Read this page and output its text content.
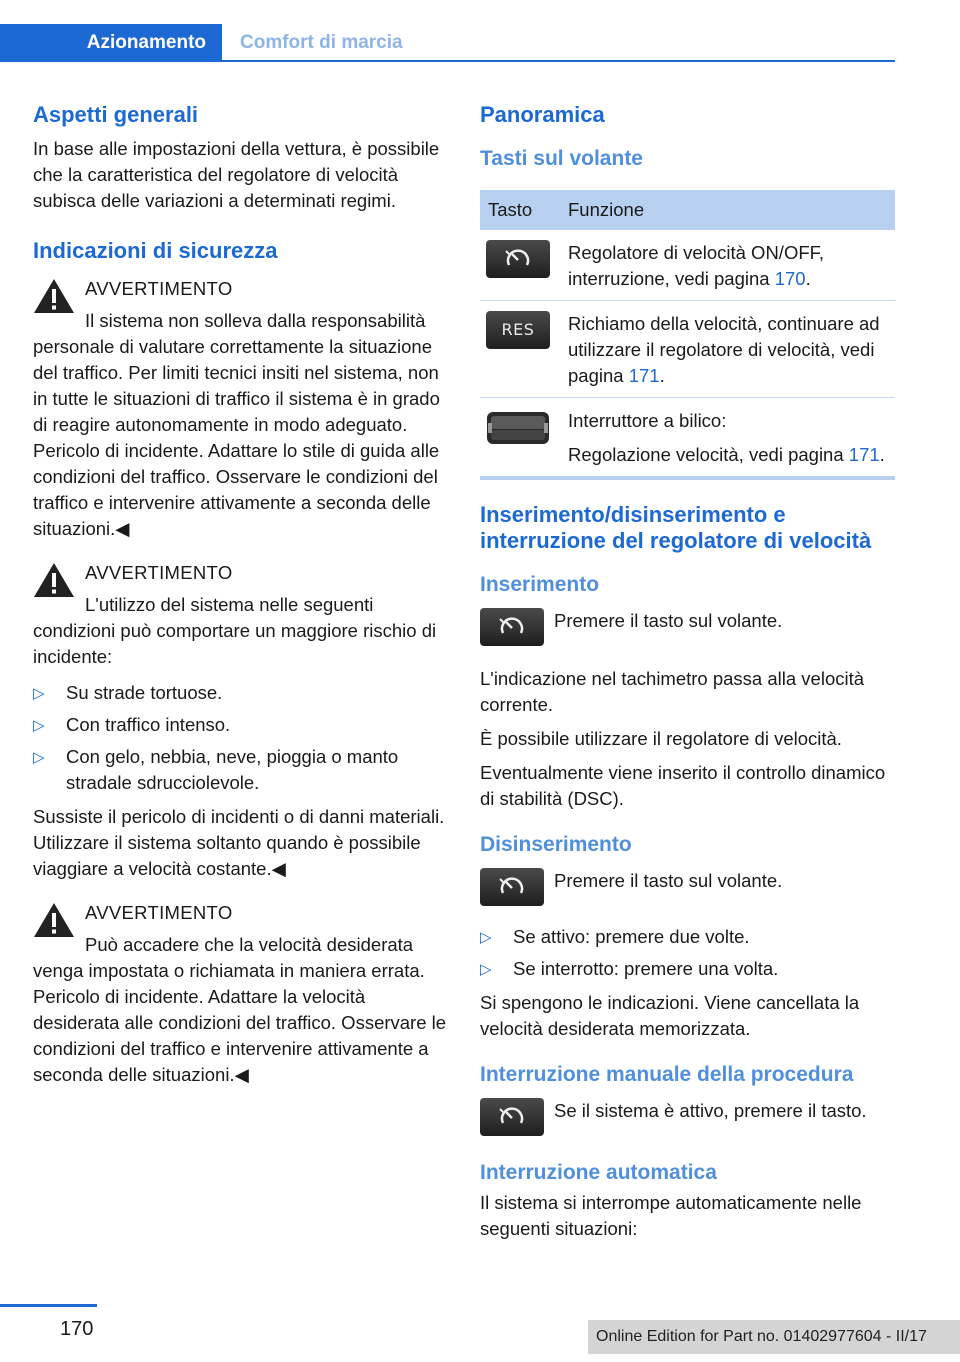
Azionamento	Comfort di marcia
Aspetti generali
In base alle impostazioni della vettura, è possibile che la caratteristica del regolatore di velocità subisca delle variazioni a determinati regimi.
Indicazioni di sicurezza
AVVERTIMENTO
Il sistema non solleva dalla responsabilità personale di valutare correttamente la situazione del traffico. Per limiti tecnici insiti nel sistema, non in tutte le situazioni di traffico il sistema è in grado di reagire autonomamente in modo adeguato. Pericolo di incidente. Adattare lo stile di guida alle condizioni del traffico. Osservare le condizioni del traffico e intervenire attivamente a seconda delle situazioni.◀
AVVERTIMENTO
L'utilizzo del sistema nelle seguenti condizioni può comportare un maggiore rischio di incidente:
▷ Su strade tortuose.
▷ Con traffico intenso.
▷ Con gelo, nebbia, neve, pioggia o manto stradale sdrucciolevole.
Sussiste il pericolo di incidenti o di danni materiali. Utilizzare il sistema soltanto quando è possibile viaggiare a velocità costante.◀
AVVERTIMENTO
Può accadere che la velocità desiderata venga impostata o richiamata in maniera errata. Pericolo di incidente. Adattare la velocità desiderata alle condizioni del traffico. Osservare le condizioni del traffico e intervenire attivamente a seconda delle situazioni.◀
Panoramica
Tasti sul volante
Tasto	Funzione

	Regolatore di velocità ON/OFF, interruzione, vedi pagina 170.

RES	Richiamo della velocità, continuare ad utilizzare il regolatore di velocità, vedi pagina 171.

Interruttore a bilico:
Regolazione velocità, vedi pagina 171.
Inserimento/disinserimento e interruzione del regolatore di velocità
Inserimento
Premere il tasto sul volante.
L'indicazione nel tachimetro passa alla velocità corrente.
È possibile utilizzare il regolatore di velocità.
Eventualmente viene inserito il controllo dinamico di stabilità (DSC).
Disinserimento
Premere il tasto sul volante.
▷ Se attivo: premere due volte.
▷ Se interrotto: premere una volta.
Si spengono le indicazioni. Viene cancellata la velocità desiderata memorizzata.
Interruzione manuale della procedura
Se il sistema è attivo, premere il tasto.
Interruzione automatica
Il sistema si interrompe automaticamente nelle seguenti situazioni:
170	Online Edition for Part no. 01402977604 - II/17
